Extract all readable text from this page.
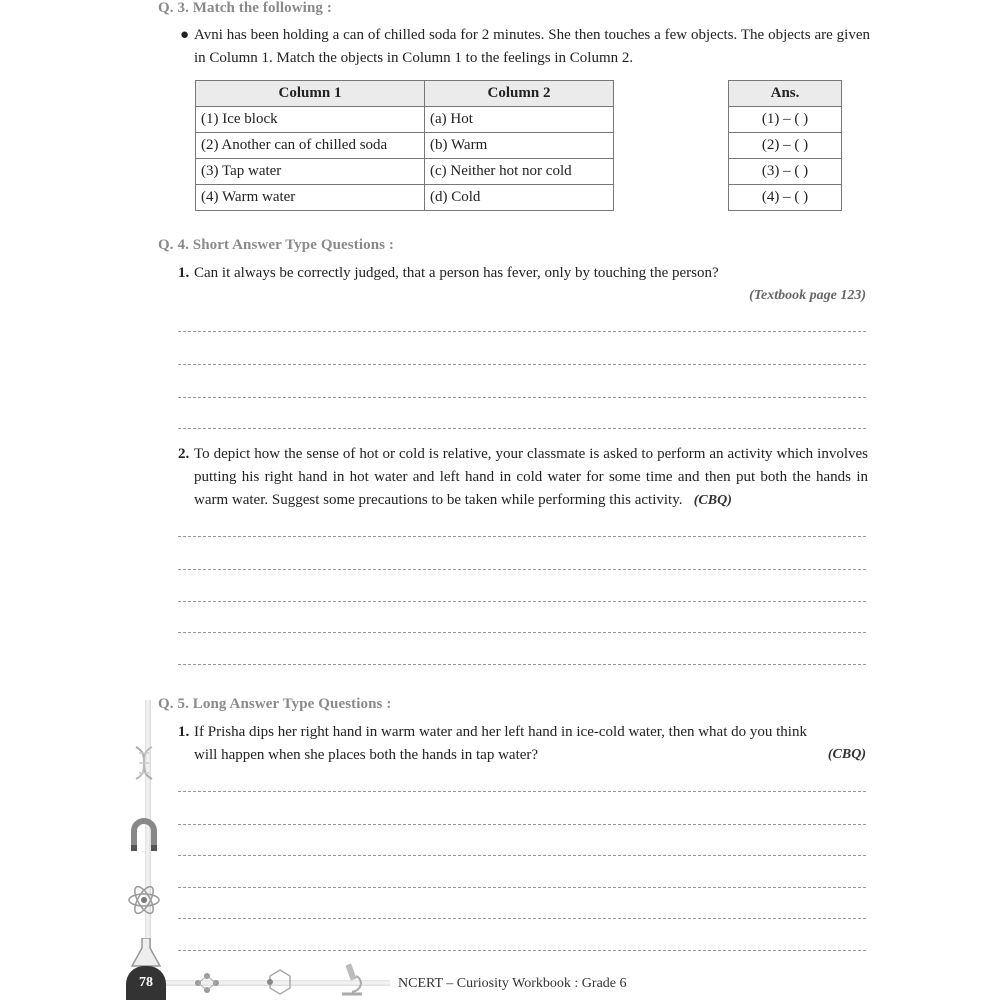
Q. 3. Match the following :
● Avni has been holding a can of chilled soda for 2 minutes. She then touches a few objects. The objects are given in Column 1. Match the objects in Column 1 to the feelings in Column 2.
Column 1	Column 2
(1) Ice block	(a) Hot
(2) Another can of chilled soda	(b) Warm
(3) Tap water	(c) Neither hot nor cold
(4) Warm water	(d) Cold
Ans.
(1) – ( )
(2) – ( )
(3) – ( )
(4) – ( )
Q. 4. Short Answer Type Questions :
1. Can it always be correctly judged, that a person has fever, only by touching the person?
(Textbook page 123)
2. To depict how the sense of hot or cold is relative, your classmate is asked to perform an activity which involves putting his right hand in hot water and left hand in cold water for some time and then put both the hands in warm water. Suggest some precautions to be taken while performing this activity. (CBQ)
Q. 5. Long Answer Type Questions :
1. If Prisha dips her right hand in warm water and her left hand in ice-cold water, then what do you think will happen when she places both the hands in tap water?	(CBQ)
78	NCERT – Curiosity Workbook : Grade 6
